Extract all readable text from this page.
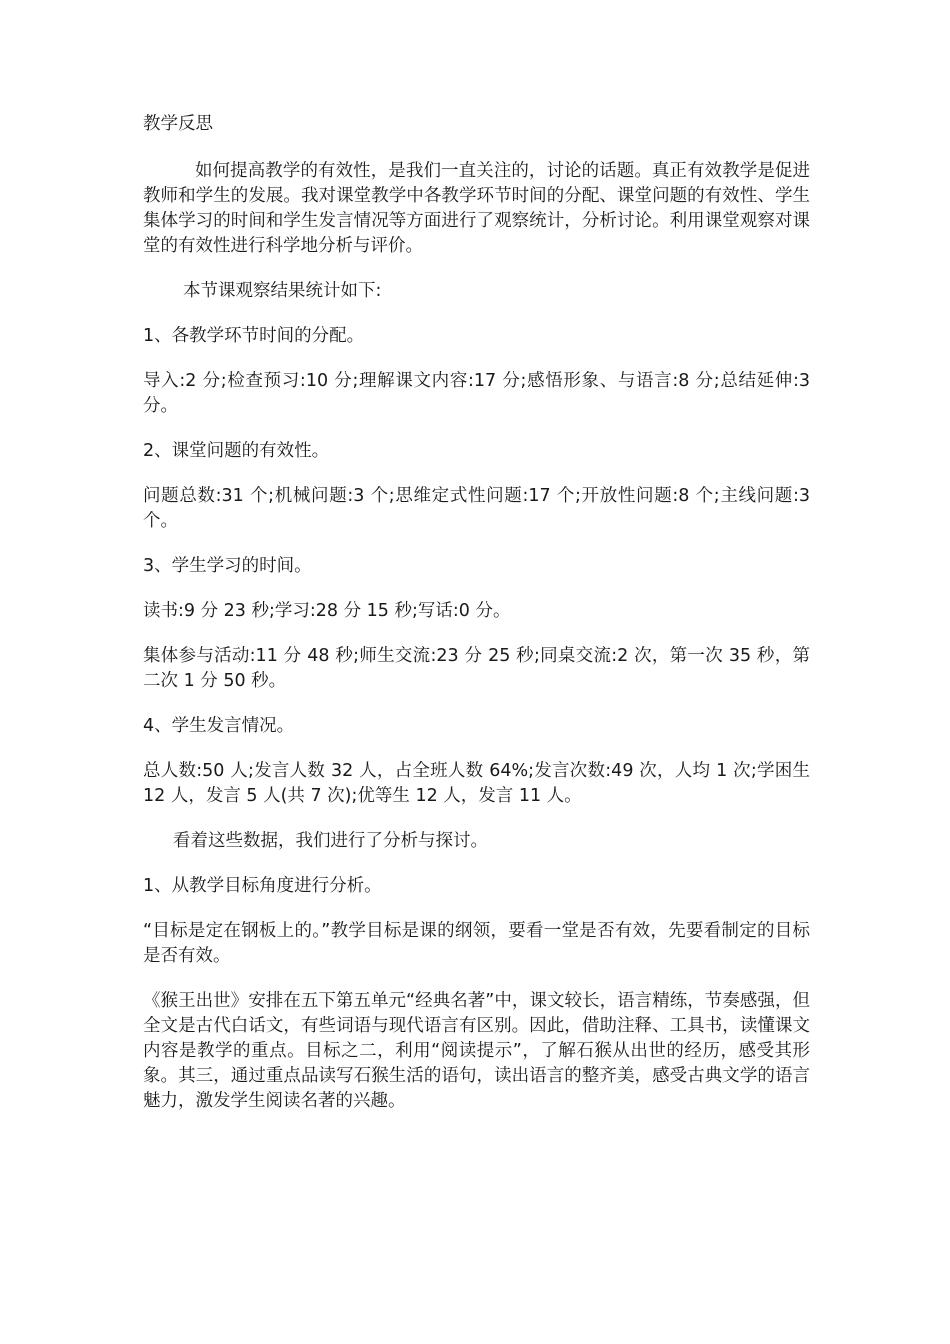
教学反思

如何提高教学的有效性，是我们一直关注的，讨论的话题。真正有效教学是促进教师和学生的发展。我对课堂教学中各教学环节时间的分配、课堂问题的有效性、学生集体学习的时间和学生发言情况等方面进行了观察统计，分析讨论。利用课堂观察对课堂的有效性进行科学地分析与评价。

本节课观察结果统计如下:

1、各教学环节时间的分配。

导入:2 分;检查预习:10 分;理解课文内容:17 分;感悟形象、与语言:8 分;总结延伸:3 分。

2、课堂问题的有效性。

问题总数:31 个;机械问题:3 个;思维定式性问题:17 个;开放性问题:8 个;主线问题:3 个。

3、学生学习的时间。

读书:9 分 23 秒;学习:28 分 15 秒;写话:0 分。

集体参与活动:11 分 48 秒;师生交流:23 分 25 秒;同桌交流:2 次，第一次 35 秒，第二次 1 分 50 秒。

4、学生发言情况。

总人数:50 人;发言人数 32 人，占全班人数 64%;发言次数:49 次，人均 1 次;学困生 12 人，发言 5 人(共 7 次);优等生 12 人，发言 11 人。

看着这些数据，我们进行了分析与探讨。

1、从教学目标角度进行分析。

“目标是定在钢板上的。”教学目标是课的纲领，要看一堂是否有效，先要看制定的目标是否有效。

《猴王出世》安排在五下第五单元“经典名著”中，课文较长，语言精练，节奏感强，但全文是古代白话文，有些词语与现代语言有区别。因此，借助注释、工具书，读懂课文内容是教学的重点。目标之二，利用“阅读提示”，了解石猴从出世的经历，感受其形象。其三，通过重点品读写石猴生活的语句，读出语言的整齐美，感受古典文学的语言魅力，激发学生阅读名著的兴趣。
